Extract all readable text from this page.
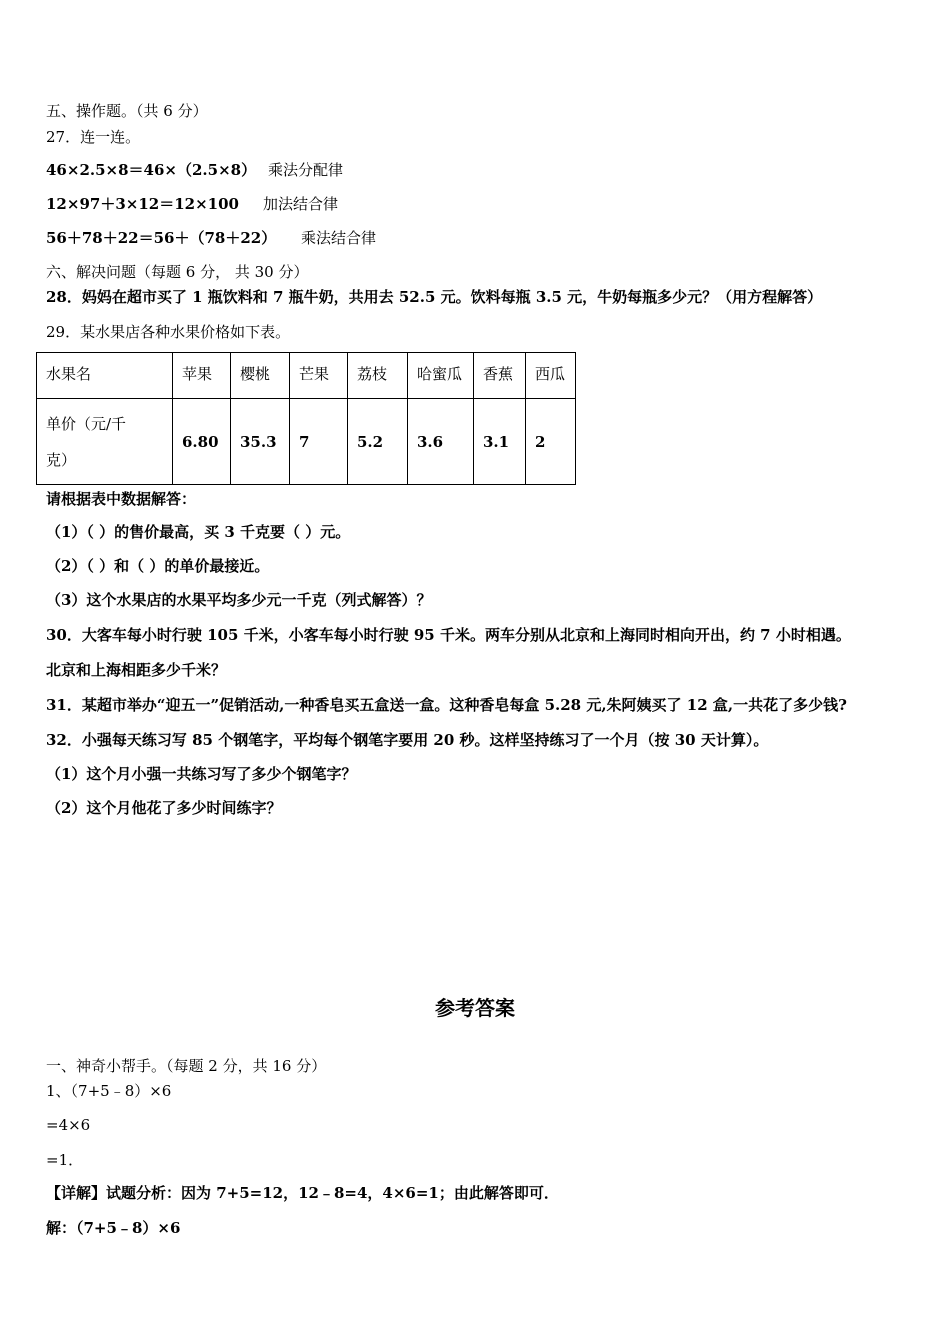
五、操作题。（共 6 分）
27．连一连。
46×2.5×8＝46×（2.5×8） 乘法分配律
12×97＋3×12＝12×100 加法结合律
56＋78＋22＝56＋（78＋22） 乘法结合律
六、解决问题（每题 6 分， 共 30 分）
28．妈妈在超市买了 1 瓶饮料和 7 瓶牛奶，共用去 52.5 元。饮料每瓶 3.5 元，牛奶每瓶多少元？（用方程解答）
29．某水果店各种水果价格如下表。
水果名	苹果	樱桃	芒果	荔枝	哈蜜瓜	香蕉	西瓜
单价（元/千
克）	6.80	35.3	7	5.2	3.6	3.1	2
请根据表中数据解答：
（1）（ ）的售价最高，买 3 千克要（ ）元。
（2）（ ）和（ ）的单价最接近。
（3）这个水果店的水果平均多少元一千克（列式解答）？
30．大客车每小时行驶 105 千米，小客车每小时行驶 95 千米。两车分别从北京和上海同时相向开出，约 7 小时相遇。
北京和上海相距多少千米？
31．某超市举办“迎五一”促销活动,一种香皂买五盒送一盒。这种香皂每盒 5.28 元,朱阿姨买了 12 盒,一共花了多少钱?
32．小强每天练习写 85 个钢笔字，平均每个钢笔字要用 20 秒。这样坚持练习了一个月（按 30 天计算）。
（1）这个月小强一共练习写了多少个钢笔字？
（2）这个月他花了多少时间练字？
参考答案
一、神奇小帮手。（每题 2 分，共 16 分）
1、（7+5﹣8）×6
=4×6
=1．
【详解】试题分析：因为 7+5=12，12﹣8=4，4×6=1；由此解答即可．
解：（7+5﹣8）×6
